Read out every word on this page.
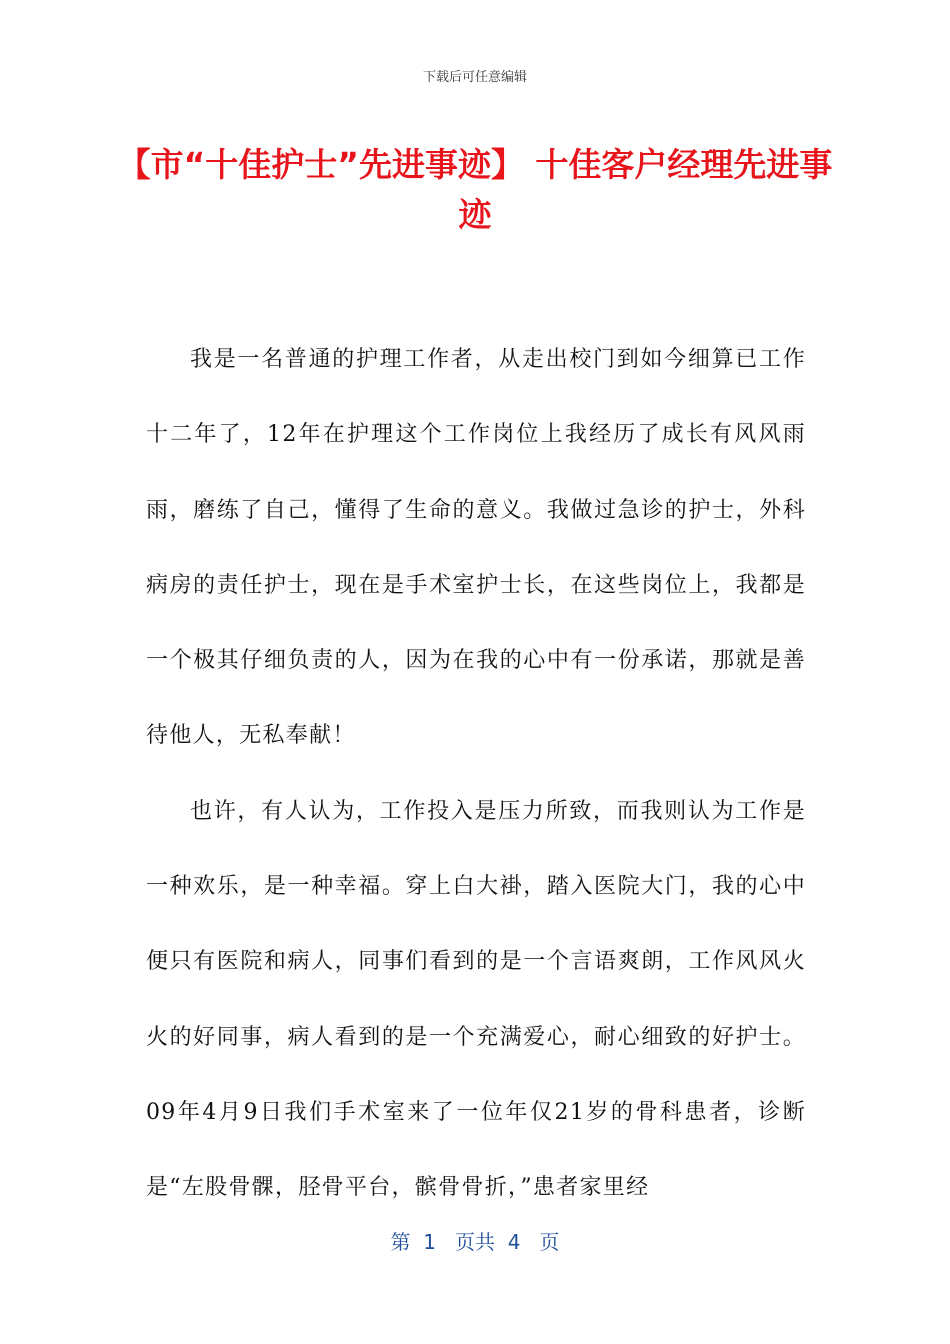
下载后可任意编辑
【市“十佳护士”先进事迹】 十佳客户经理先进事迹

我是一名普通的护理工作者，从走出校门到如今细算已工作十二年了，12年在护理这个工作岗位上我经历了成长有风风雨雨，磨练了自己，懂得了生命的意义。我做过急诊的护士，外科病房的责任护士，现在是手术室护士长，在这些岗位上，我都是一个极其仔细负责的人，因为在我的心中有一份承诺，那就是善待他人，无私奉献！

也许，有人认为，工作投入是压力所致，而我则认为工作是一种欢乐，是一种幸福。穿上白大褂，踏入医院大门，我的心中便只有医院和病人，同事们看到的是一个言语爽朗，工作风风火火的好同事，病人看到的是一个充满爱心，耐心细致的好护士。09年4月9日我们手术室来了一位年仅21岁的骨科患者，诊断是“左股骨髁，胫骨平台，髌骨骨折，”患者家里经

第  1   页共  4   页
